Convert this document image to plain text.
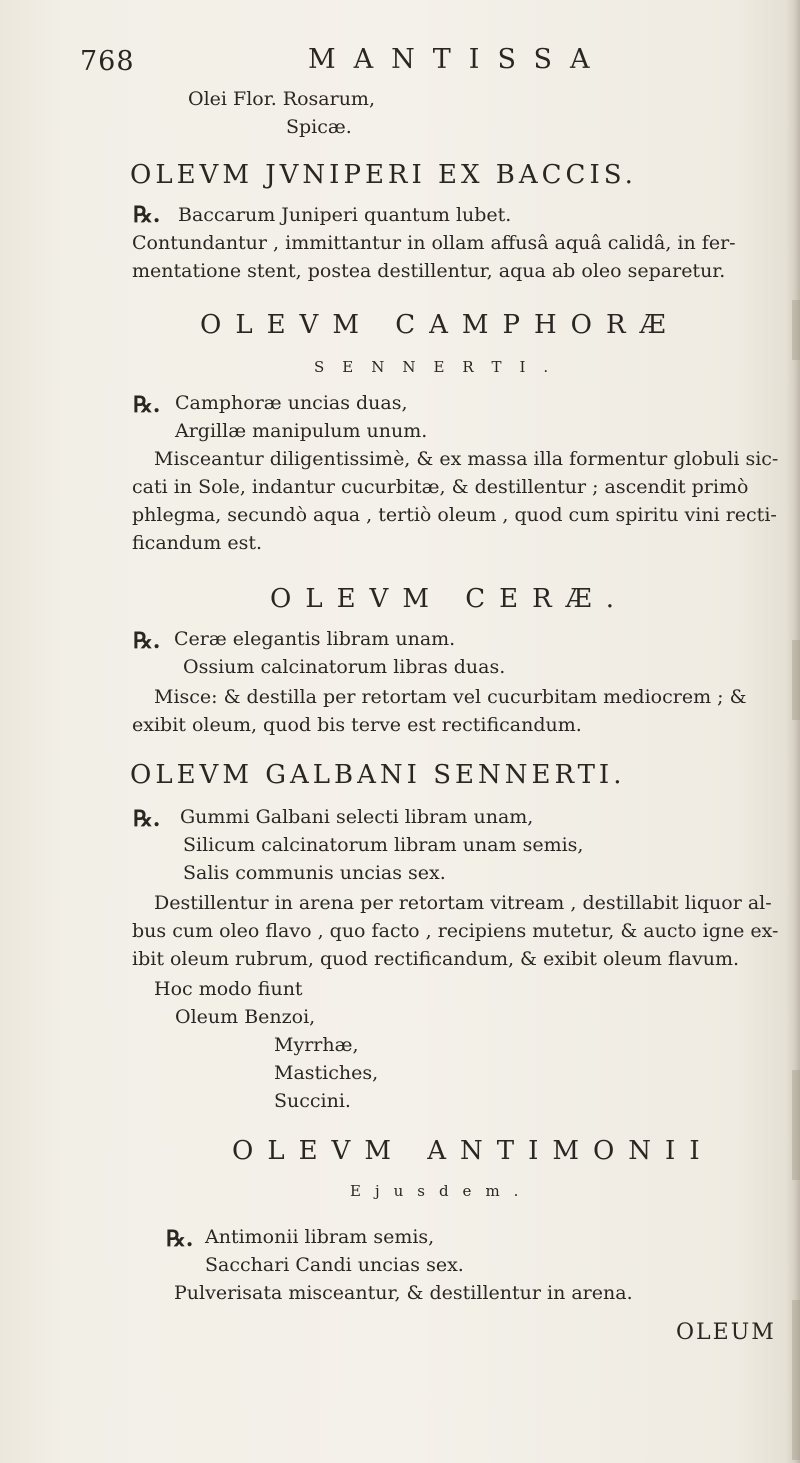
768	MANTISSA
Olei Flor. Rosarum,
Spicæ.
OLEVM JVNIPERI EX BACCIS.
℞. Baccarum Juniperi quantum lubet.
Contundantur , immittantur in ollam affusâ aquâ calidâ, in fer-
mentatione stent, postea destillentur, aqua ab oleo separetur.
OLEVM CAMPHORÆ
SENNERTI.
℞. Camphoræ uncias duas,
Argillæ manipulum unum.
Misceantur diligentissimè, & ex massa illa formentur globuli sic-
cati in Sole, indantur cucurbitæ, & destillentur ; ascendit primò
phlegma, secundò aqua , tertiò oleum , quod cum spiritu vini recti-
ficandum est.
OLEVM CERÆ.
℞. Ceræ elegantis libram unam.
Ossium calcinatorum libras duas.
Misce: & destilla per retortam vel cucurbitam mediocrem ; &
exibit oleum, quod bis terve est rectificandum.
OLEVM GALBANI SENNERTI.
℞. Gummi Galbani selecti libram unam,
Silicum calcinatorum libram unam semis,
Salis communis uncias sex.
Destillentur in arena per retortam vitream , destillabit liquor al-
bus cum oleo flavo , quo facto , recipiens mutetur, & aucto igne ex-
ibit oleum rubrum, quod rectificandum, & exibit oleum flavum.
Hoc modo fiunt
Oleum Benzoi,
Myrrhæ,
Mastiches,
Succini.
OLEVM ANTIMONII
Ejusdem.
℞. Antimonii libram semis,
Sacchari Candi uncias sex.
Pulverisata misceantur, & destillentur in arena.
OLEUM
